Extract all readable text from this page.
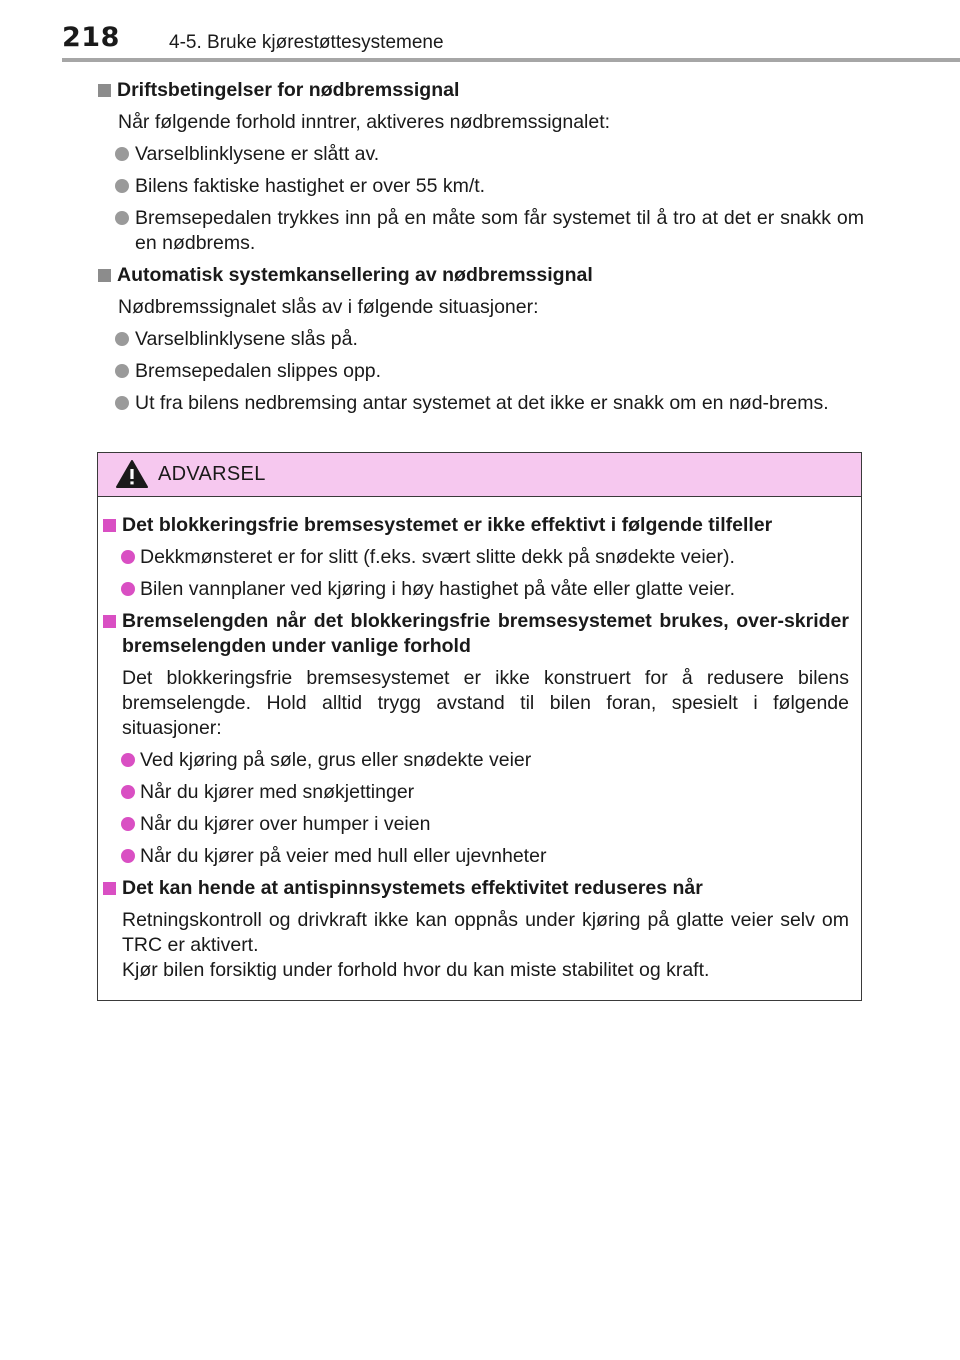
218	4-5. Bruke kjørestøttesystemene
Driftsbetingelser for nødbremssignal
Når følgende forhold inntrer, aktiveres nødbremssignalet:
Varselblinklysene er slått av.
Bilens faktiske hastighet er over 55 km/t.
Bremsepedalen trykkes inn på en måte som får systemet til å tro at det er snakk om en nødbrems.
Automatisk systemkansellering av nødbremssignal
Nødbremssignalet slås av i følgende situasjoner:
Varselblinklysene slås på.
Bremsepedalen slippes opp.
Ut fra bilens nedbremsing antar systemet at det ikke er snakk om en nød-brems.
ADVARSEL
Det blokkeringsfrie bremsesystemet er ikke effektivt i følgende tilfeller
Dekkmønsteret er for slitt (f.eks. svært slitte dekk på snødekte veier).
Bilen vannplaner ved kjøring i høy hastighet på våte eller glatte veier.
Bremselengden når det blokkeringsfrie bremsesystemet brukes, over-skrider bremselengden under vanlige forhold
Det blokkeringsfrie bremsesystemet er ikke konstruert for å redusere bilens bremselengde. Hold alltid trygg avstand til bilen foran, spesielt i følgende situasjoner:
Ved kjøring på søle, grus eller snødekte veier
Når du kjører med snøkjettinger
Når du kjører over humper i veien
Når du kjører på veier med hull eller ujevnheter
Det kan hende at antispinnsystemets effektivitet reduseres når
Retningskontroll og drivkraft ikke kan oppnås under kjøring på glatte veier selv om TRC er aktivert.
Kjør bilen forsiktig under forhold hvor du kan miste stabilitet og kraft.
